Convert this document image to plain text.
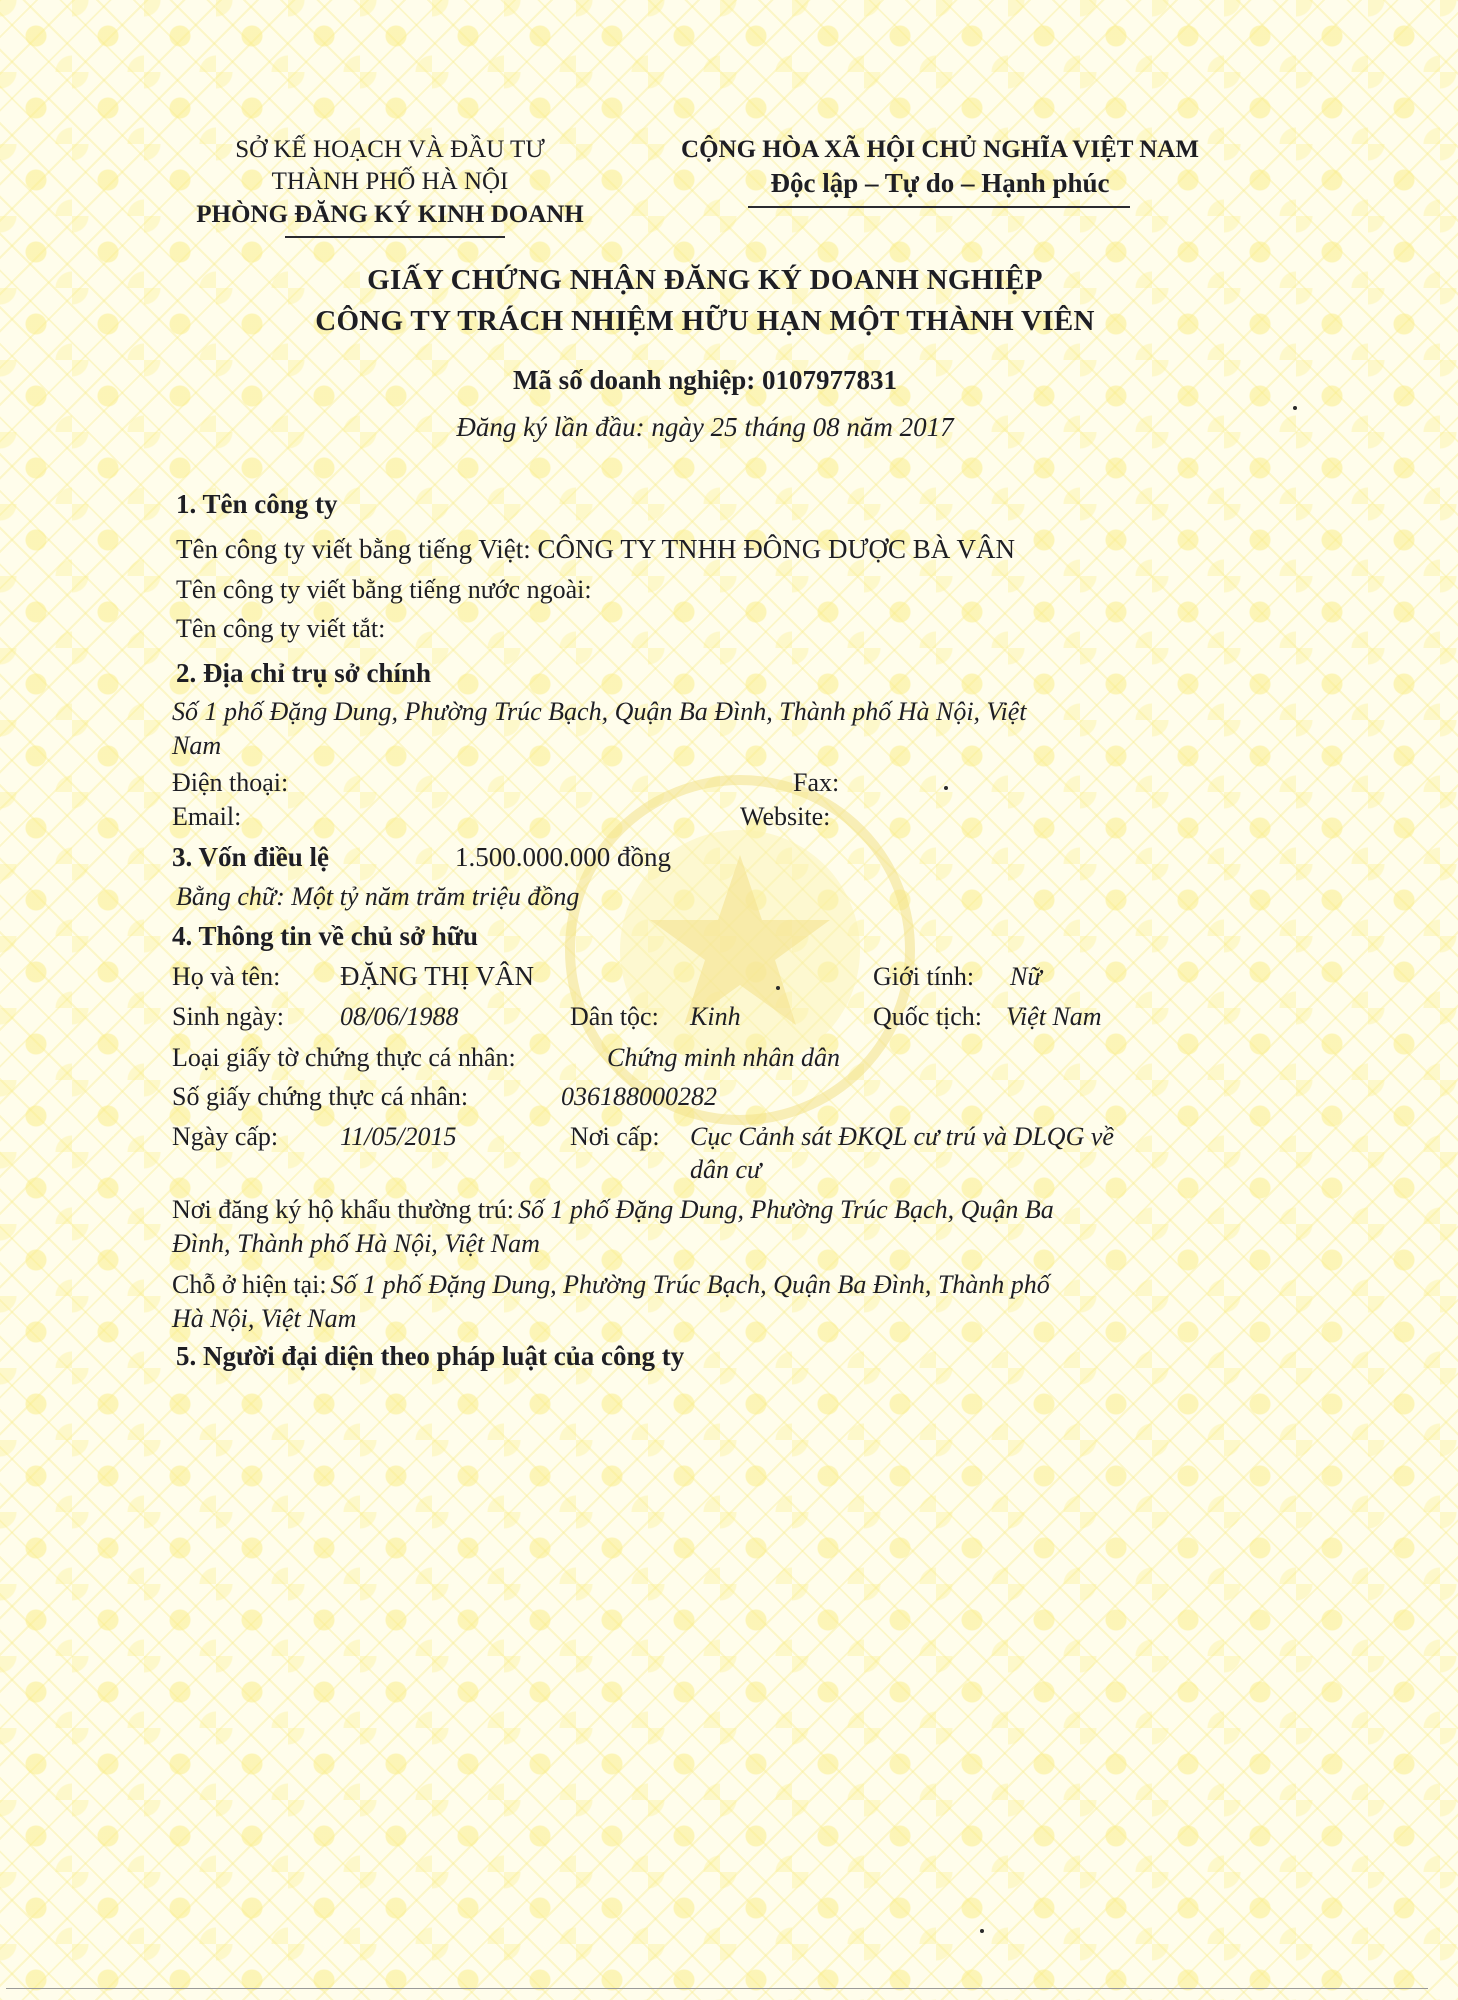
SỞ KẾ HOẠCH VÀ ĐẦU TƯ
THÀNH PHỐ HÀ NỘI
PHÒNG ĐĂNG KÝ KINH DOANH
CỘNG HÒA XÃ HỘI CHỦ NGHĨA VIỆT NAM
Độc lập – Tự do – Hạnh phúc
GIẤY CHỨNG NHẬN ĐĂNG KÝ DOANH NGHIỆP
CÔNG TY TRÁCH NHIỆM HỮU HẠN MỘT THÀNH VIÊN
Mã số doanh nghiệp: 0107977831
Đăng ký lần đầu: ngày 25 tháng 08 năm 2017
1. Tên công ty
Tên công ty viết bằng tiếng Việt: CÔNG TY TNHH ĐÔNG DƯỢC BÀ VÂN
Tên công ty viết bằng tiếng nước ngoài:
Tên công ty viết tắt:
2. Địa chỉ trụ sở chính
Số 1 phố Đặng Dung, Phường Trúc Bạch, Quận Ba Đình, Thành phố Hà Nội, Việt
Nam
Điện thoại:	Fax:
Email:	Website:
3. Vốn điều lệ	1.500.000.000 đồng
Bằng chữ: Một tỷ năm trăm triệu đồng
4. Thông tin về chủ sở hữu
Họ và tên: ĐẶNG THỊ VÂN	Giới tính: Nữ
Sinh ngày: 08/06/1988	Dân tộc: Kinh	Quốc tịch: Việt Nam
Loại giấy tờ chứng thực cá nhân:	Chứng minh nhân dân
Số giấy chứng thực cá nhân:	036188000282
Ngày cấp: 11/05/2015	Nơi cấp: Cục Cảnh sát ĐKQL cư trú và DLQG về
dân cư
Nơi đăng ký hộ khẩu thường trú: Số 1 phố Đặng Dung, Phường Trúc Bạch, Quận Ba
Đình, Thành phố Hà Nội, Việt Nam
Chỗ ở hiện tại: Số 1 phố Đặng Dung, Phường Trúc Bạch, Quận Ba Đình, Thành phố
Hà Nội, Việt Nam
5. Người đại diện theo pháp luật của công ty
